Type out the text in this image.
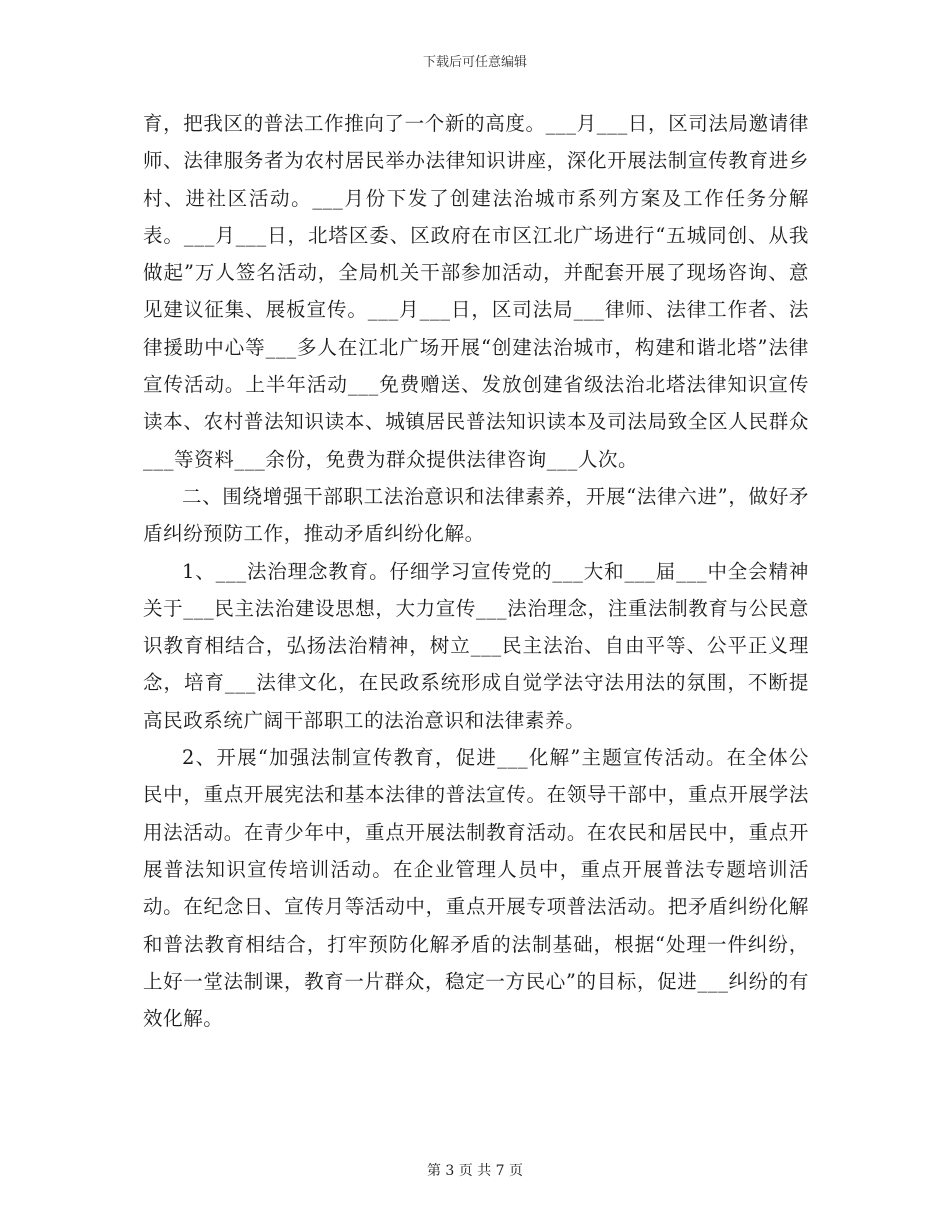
下载后可任意编辑

育，把我区的普法工作推向了一个新的高度。___月___日，区司法局邀请律师、法律服务者为农村居民举办法律知识讲座，深化开展法制宣传教育进乡村、进社区活动。___月份下发了创建法治城市系列方案及工作任务分解表。___月___日，北塔区委、区政府在市区江北广场进行“五城同创、从我做起”万人签名活动，全局机关干部参加活动，并配套开展了现场咨询、意见建议征集、展板宣传。___月___日，区司法局___律师、法律工作者、法律援助中心等___多人在江北广场开展“创建法治城市，构建和谐北塔”法律宣传活动。上半年活动___免费赠送、发放创建省级法治北塔法律知识宣传读本、农村普法知识读本、城镇居民普法知识读本及司法局致全区人民群众___等资料___余份，免费为群众提供法律咨询___人次。

二、围绕增强干部职工法治意识和法律素养，开展“法律六进”，做好矛盾纠纷预防工作，推动矛盾纠纷化解。

1、___法治理念教育。仔细学习宣传党的___大和___届___中全会精神关于___民主法治建设思想，大力宣传___法治理念，注重法制教育与公民意识教育相结合，弘扬法治精神，树立___民主法治、自由平等、公平正义理念，培育___法律文化，在民政系统形成自觉学法守法用法的氛围，不断提高民政系统广阔干部职工的法治意识和法律素养。

2、开展“加强法制宣传教育，促进___化解”主题宣传活动。在全体公民中，重点开展宪法和基本法律的普法宣传。在领导干部中，重点开展学法用法活动。在青少年中，重点开展法制教育活动。在农民和居民中，重点开展普法知识宣传培训活动。在企业管理人员中，重点开展普法专题培训活动。在纪念日、宣传月等活动中，重点开展专项普法活动。把矛盾纠纷化解和普法教育相结合，打牢预防化解矛盾的法制基础，根据“处理一件纠纷，上好一堂法制课，教育一片群众，稳定一方民心”的目标，促进___纠纷的有效化解。

第 3 页 共 7 页
